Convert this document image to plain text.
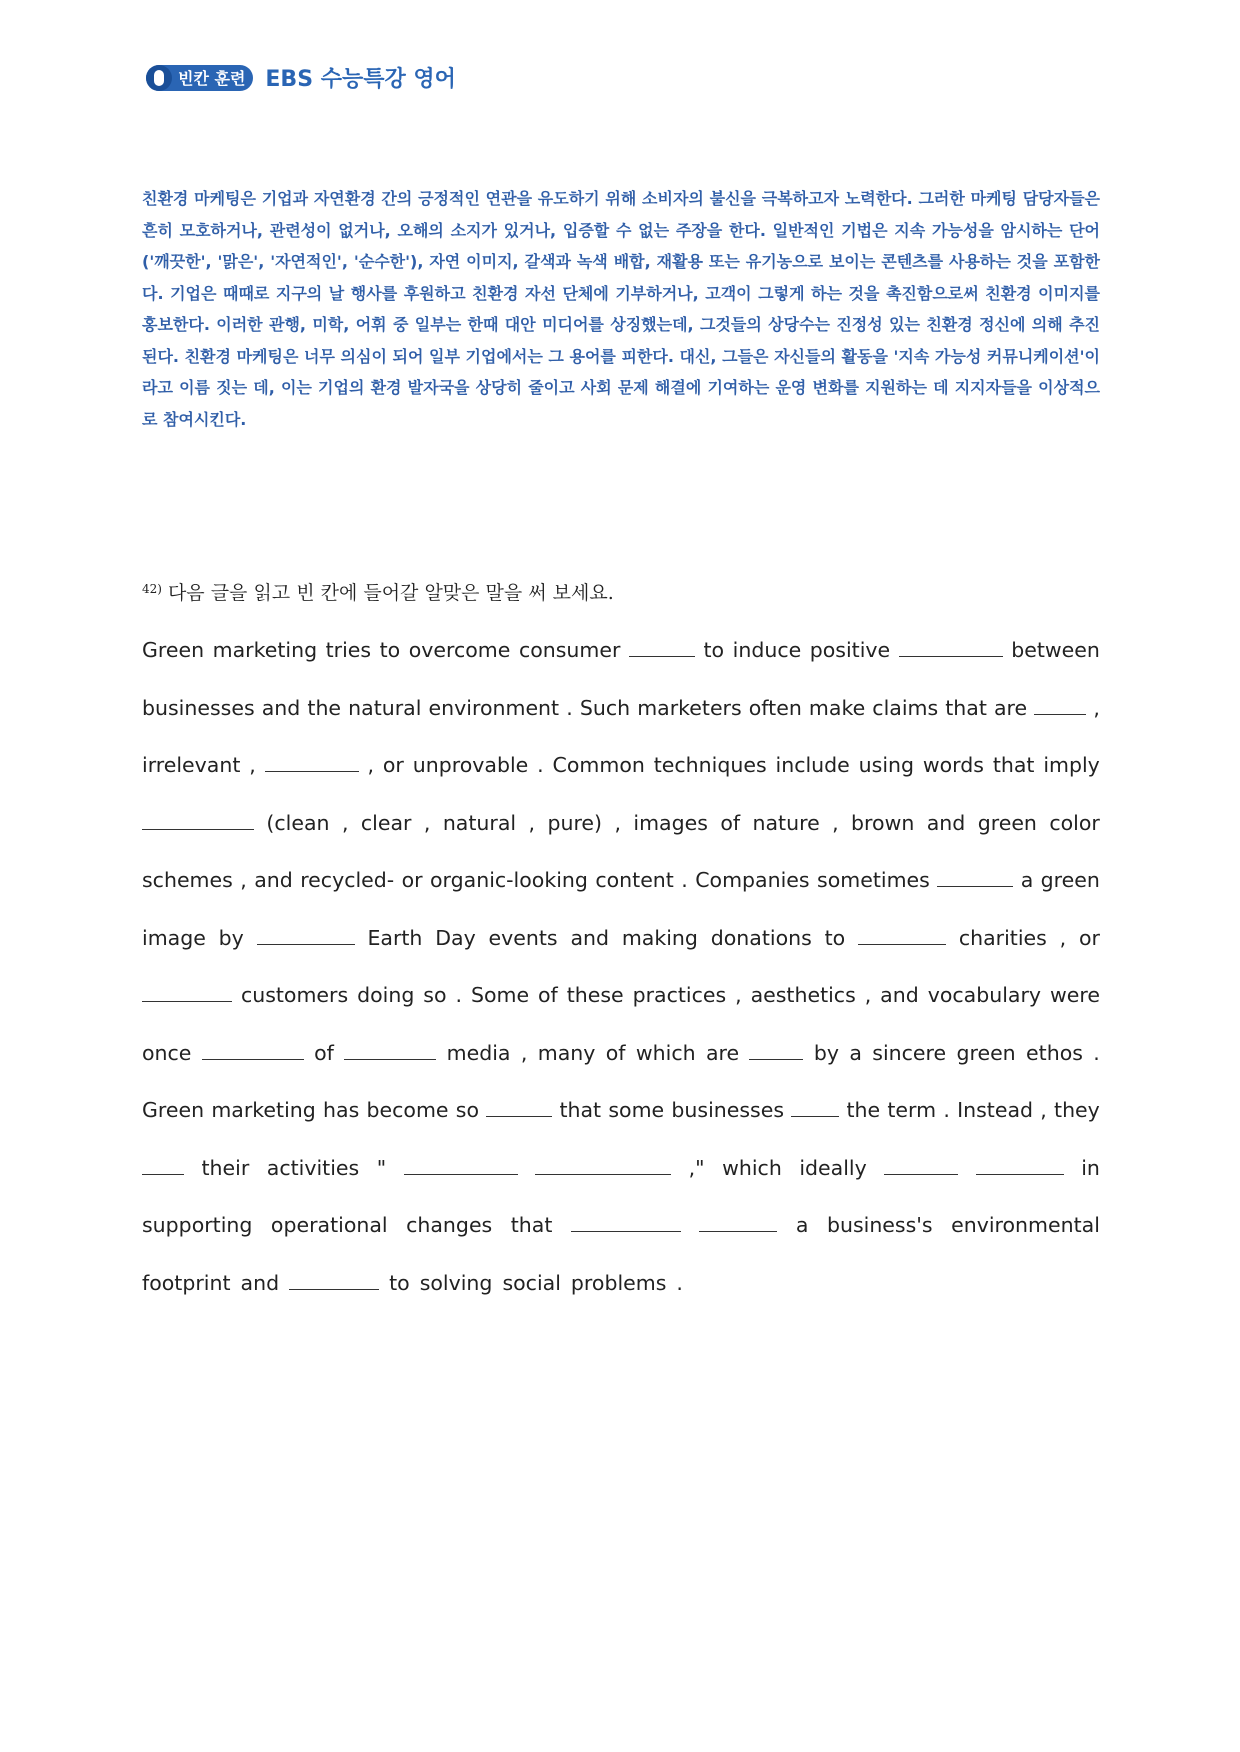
빈칸 훈련 EBS 수능특강 영어
친환경 마케팅은 기업과 자연환경 간의 긍정적인 연관을 유도하기 위해 소비자의 불신을 극복하고자 노력한다. 그러한 마케팅 담당자들은 흔히 모호하거나, 관련성이 없거나, 오해의 소지가 있거나, 입증할 수 없는 주장을 한다. 일반적인 기법은 지속 가능성을 암시하는 단어('깨끗한', '맑은', '자연적인', '순수한'), 자연 이미지, 갈색과 녹색 배합, 재활용 또는 유기농으로 보이는 콘텐츠를 사용하는 것을 포함한다. 기업은 때때로 지구의 날 행사를 후원하고 친환경 자선 단체에 기부하거나, 고객이 그렇게 하는 것을 촉진함으로써 친환경 이미지를 홍보한다. 이러한 관행, 미학, 어휘 중 일부는 한때 대안 미디어를 상징했는데, 그것들의 상당수는 진정성 있는 친환경 정신에 의해 추진된다. 친환경 마케팅은 너무 의심이 되어 일부 기업에서는 그 용어를 피한다. 대신, 그들은 자신들의 활동을 '지속 가능성 커뮤니케이션'이라고 이름 짓는 데, 이는 기업의 환경 발자국을 상당히 줄이고 사회 문제 해결에 기여하는 운영 변화를 지원하는 데 지지자들을 이상적으로 참여시킨다.
$^{42)}$ 다음 글을 읽고 빈 칸에 들어갈 알맞은 말을 써 보세요.
Green marketing tries to overcome consumer	to induce positive	between
businesses and the natural environment . Such marketers often make claims that are	,
irrelevant ,	, or unprovable . Common techniques include using words that imply
(clean , clear , natural , pure) , images of nature , brown and green color
schemes , and recycled- or organic-looking content . Companies sometimes	a green
image by	Earth Day events and making donations to	charities , or
customers doing so . Some of these practices , aesthetics , and vocabulary were
once	of	media , many of which are	by a sincere green ethos .
Green marketing has become so	that some businesses	the term . Instead , they
their activities "	," which ideally	in
supporting operational changes that	a business's environmental
footprint and	to solving social problems .
